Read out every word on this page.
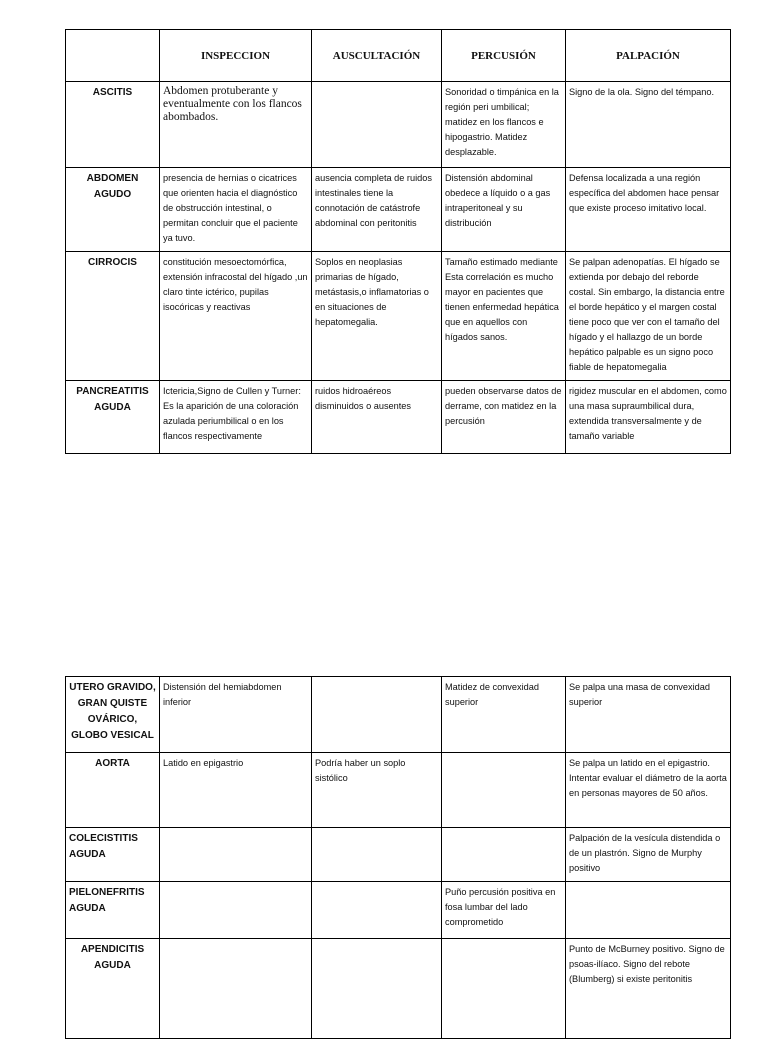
	INSPECCION	AUSCULTACIÓN	PERCUSIÓN	PALPACIÓN
ASCITIS	Abdomen protuberante y eventualmente con los flancos abombados.		Sonoridad o timpánica en la región peri umbilical; matidez en los flancos e hipogastrio. Matidez desplazable.	Signo de la ola. Signo del témpano.
ABDOMEN AGUDO	presencia de hernias o cicatrices que orienten hacia el diagnóstico de obstrucción intestinal, o permitan concluir que el paciente ya tuvo.	ausencia completa de ruidos intestinales tiene la connotación de catástrofe abdominal con peritonitis	Distensión abdominal obedece a líquido o a gas intraperitoneal y su distribución	Defensa localizada a una región específica del abdomen hace pensar que existe proceso imitativo local.
CIRROCIS	constitución mesoectomórfica, extensión infracostal del hígado ,un claro tinte ictérico, pupilas isocóricas y reactivas	Soplos en neoplasias primarias de hígado, metástasis,o inflamatorias o en situaciones de hepatomegalia.	Tamaño estimado mediante Esta correlación es mucho mayor en pacientes que tienen enfermedad hepática que en aquellos con hígados sanos.	Se palpan adenopatías. El hígado se extienda por debajo del reborde costal. Sin embargo, la distancia entre el borde hepático y el margen costal tiene poco que ver con el tamaño del hígado y el hallazgo de un borde hepático palpable es un signo poco fiable de hepatomegalia
PANCREATITIS AGUDA	Ictericia,Signo de Cullen y Turner: Es la aparición de una coloración azulada periumbilical o en los flancos respectivamente	ruidos hidroaéreos disminuidos o ausentes	pueden observarse datos de derrame, con matidez en la percusión	rigidez muscular en el abdomen, como una masa supraumbilical dura, extendida transversalmente y de tamaño variable
UTERO GRAVIDO, GRAN QUISTE OVÁRICO, GLOBO VESICAL	Distensión del hemiabdomen inferior		Matidez de convexidad superior	Se palpa una masa de convexidad superior
AORTA	Latido en epigastrio	Podría haber un soplo sistólico		Se palpa un latido en el epigastrio. Intentar evaluar el diámetro de la aorta en personas mayores de 50 años.
COLECISTITIS AGUDA				Palpación de la vesícula distendida o de un plastrón. Signo de Murphy positivo
PIELONEFRITIS AGUDA			Puño percusión positiva en fosa lumbar del lado comprometido	
APENDICITIS AGUDA				Punto de McBurney positivo. Signo de psoas-ilíaco. Signo del rebote (Blumberg) si existe peritonitis
